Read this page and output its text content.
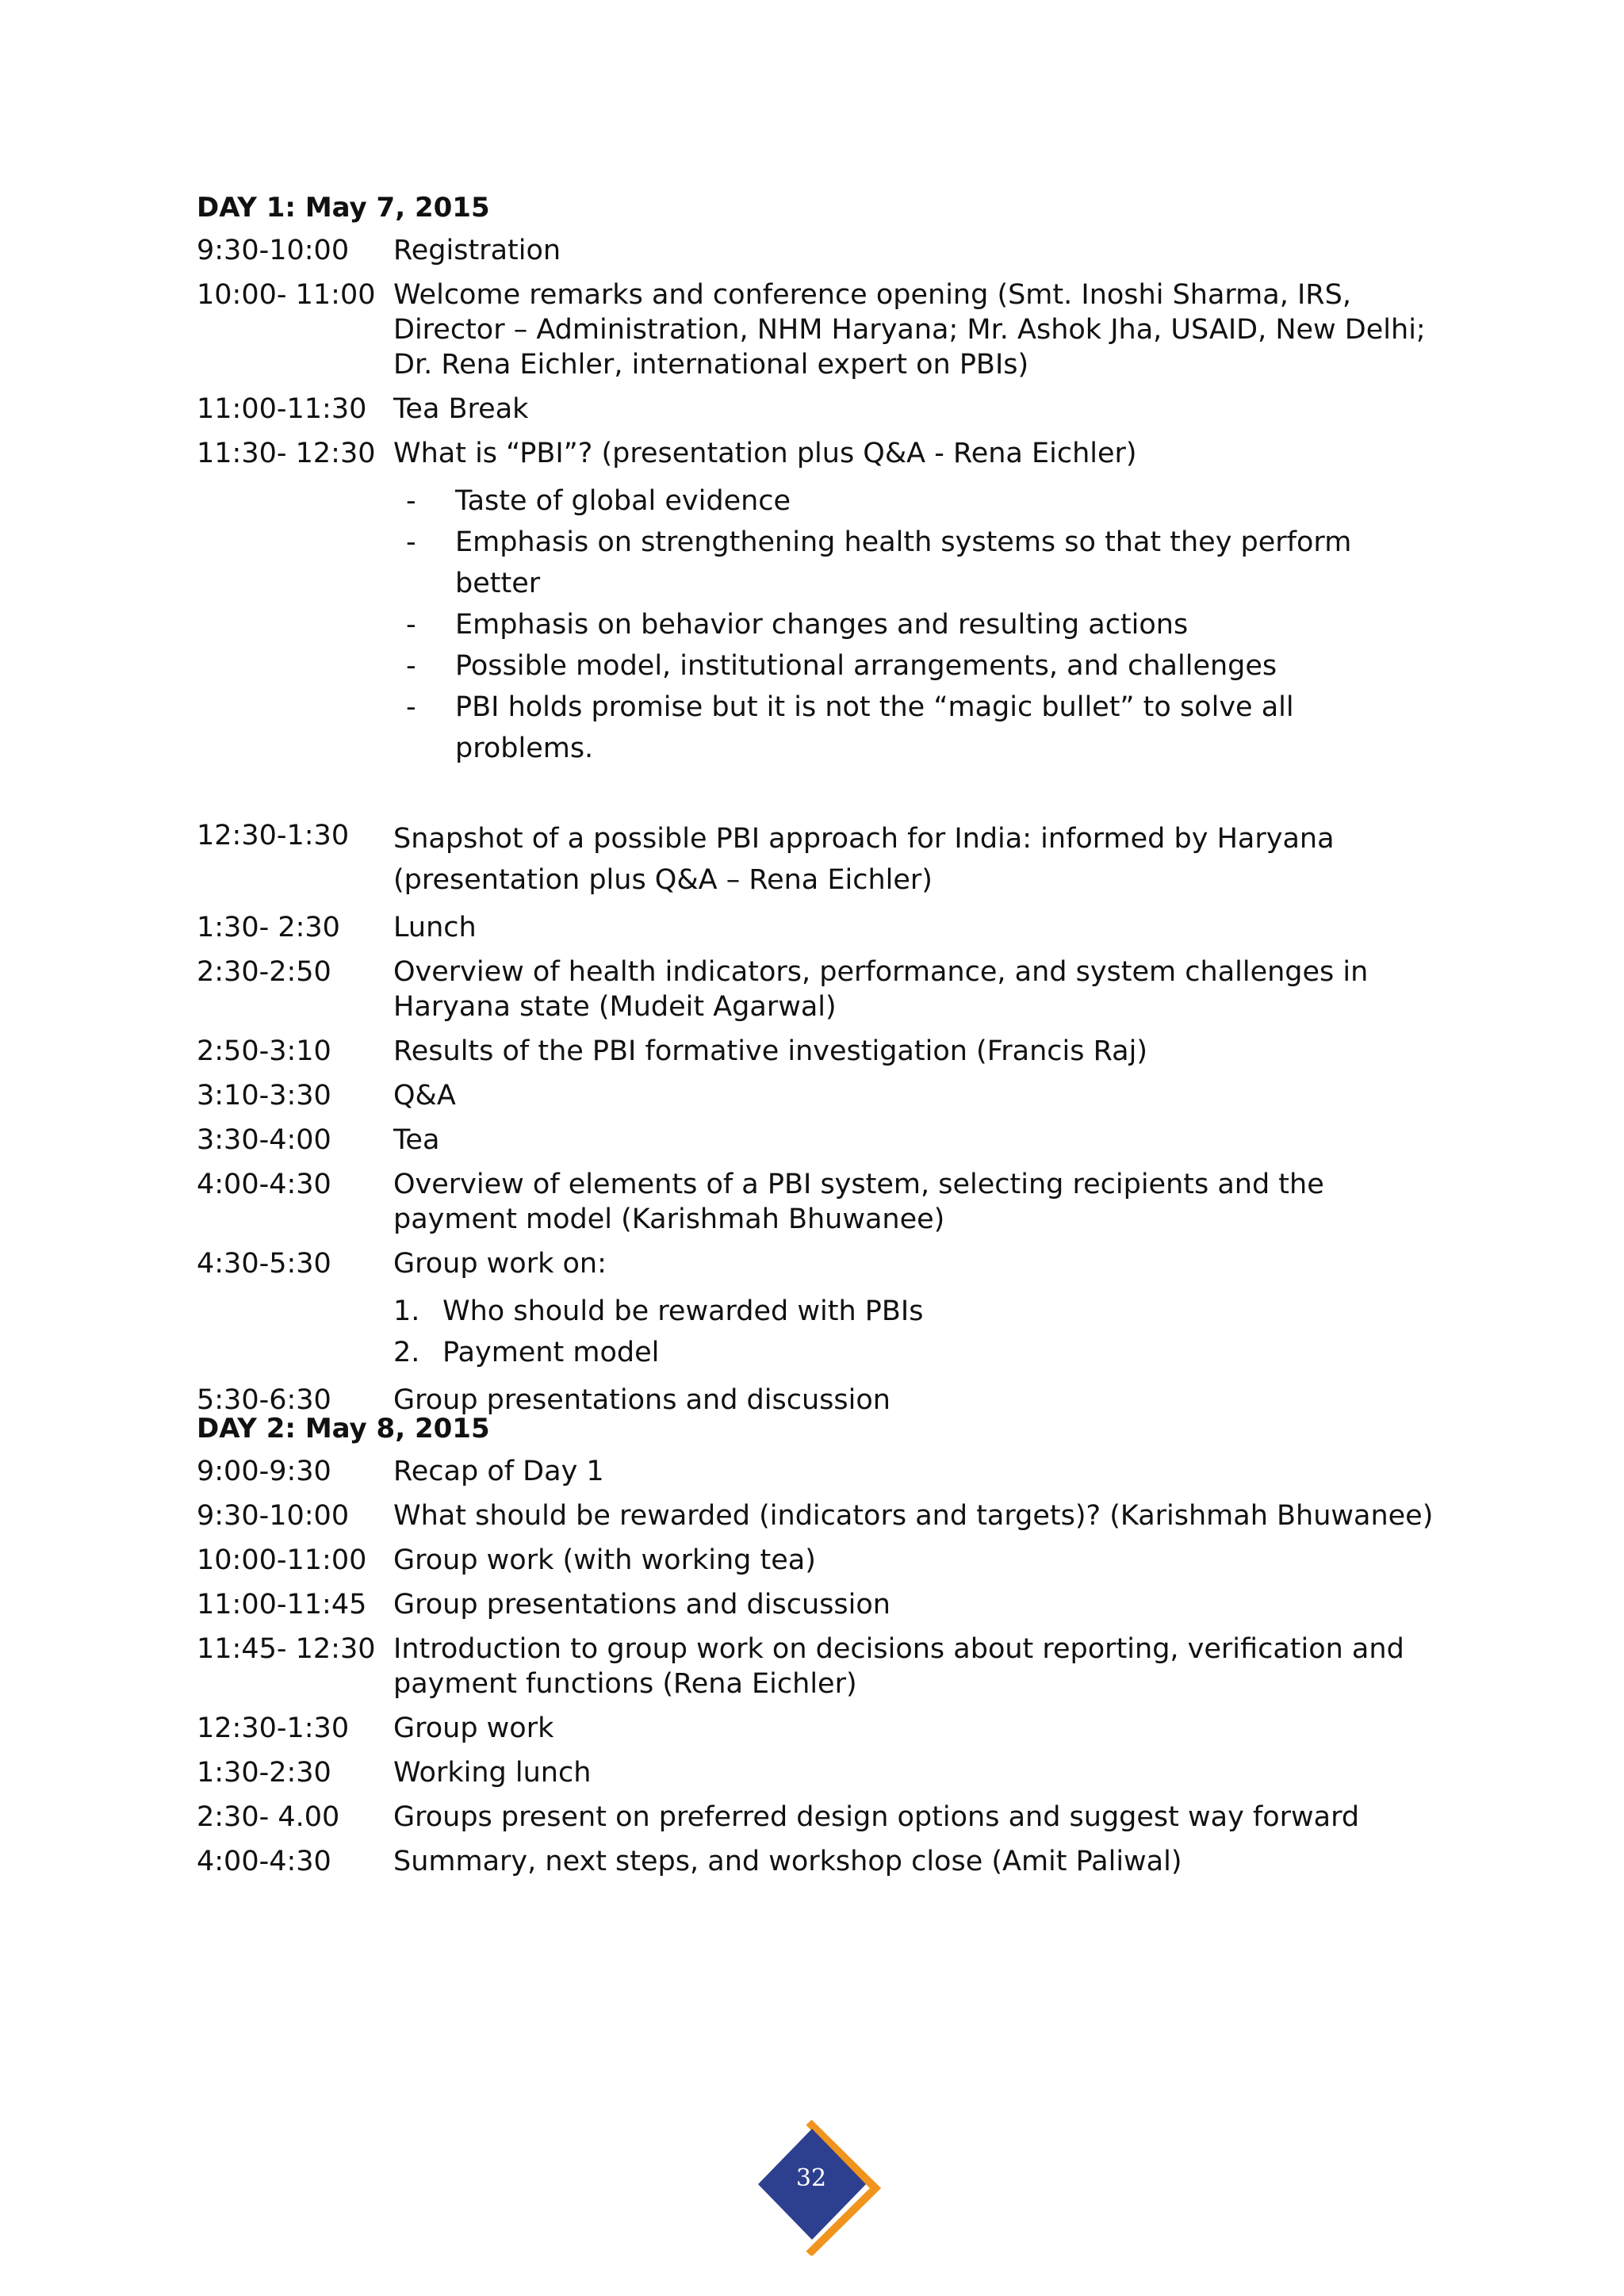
DAY 1: May 7, 2015
9:30-10:00	Registration
10:00- 11:00 Welcome remarks and conference opening (Smt. Inoshi Sharma, IRS, Director – Administration, NHM Haryana; Mr. Ashok Jha, USAID, New Delhi; Dr. Rena Eichler, international expert on PBIs)
11:00-11:30 Tea Break
11:30- 12:30 What is “PBI”? (presentation plus Q&A - Rena Eichler)
-	Taste of global evidence
-	Emphasis on strengthening health systems so that they perform better
-	Emphasis on behavior changes and resulting actions
-	Possible model, institutional arrangements, and challenges
-	PBI holds promise but it is not the “magic bullet” to solve all problems.
12:30-1:30	Snapshot of a possible PBI approach for India: informed by Haryana (presentation plus Q&A – Rena Eichler)
1:30- 2:30	Lunch
2:30-2:50	Overview of health indicators, performance, and system challenges in Haryana state (Mudeit Agarwal)
2:50-3:10	Results of the PBI formative investigation (Francis Raj)
3:10-3:30	Q&A
3:30-4:00	Tea
4:00-4:30	Overview of elements of a PBI system, selecting recipients and the payment model (Karishmah Bhuwanee)
4:30-5:30	Group work on:
1. Who should be rewarded with PBIs
2. Payment model
5:30-6:30	Group presentations and discussion
DAY 2: May 8, 2015
9:00-9:30	Recap of Day 1
9:30-10:00	What should be rewarded (indicators and targets)? (Karishmah Bhuwanee)
10:00-11:00 Group work (with working tea)
11:00-11:45 Group presentations and discussion
11:45- 12:30 Introduction to group work on decisions about reporting, verification and payment functions (Rena Eichler)
12:30-1:30	Group work
1:30-2:30	Working lunch
2:30- 4.00	Groups present on preferred design options and suggest way forward
4:00-4:30	Summary, next steps, and workshop close (Amit Paliwal)
32
